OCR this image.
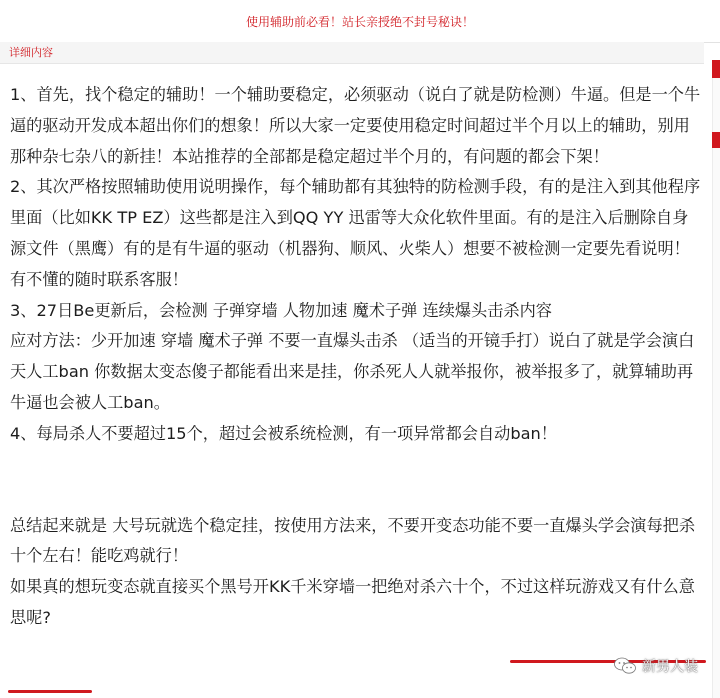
使用辅助前必看！站长亲授绝不封号秘诀！
详细内容

1、首先，找个稳定的辅助！一个辅助要稳定，必须驱动（说白了就是防检测）牛逼。但是一个牛逼的驱动开发成本超出你们的想象！所以大家一定要使用稳定时间超过半个月以上的辅助，别用那种杂七杂八的新挂！本站推荐的全部都是稳定超过半个月的，有问题的都会下架！

2、其次严格按照辅助使用说明操作，每个辅助都有其独特的防检测手段，有的是注入到其他程序里面（比如KK TP EZ）这些都是注入到QQ YY 迅雷等大众化软件里面。有的是注入后删除自身源文件（黑鹰）有的是有牛逼的驱动（机器狗、顺风、火柴人）想要不被检测一定要先看说明！有不懂的随时联系客服！

3、27日Be更新后，会检测 子弹穿墙 人物加速 魔术子弹 连续爆头击杀内容

应对方法：少开加速 穿墙 魔术子弹 不要一直爆头击杀 （适当的开镜手打）说白了就是学会演白天人工ban 你数据太变态傻子都能看出来是挂，你杀死人人就举报你，被举报多了，就算辅助再牛逼也会被人工ban。

4、每局杀人不要超过15个，超过会被系统检测，有一项异常都会自动ban！

总结起来就是 大号玩就选个稳定挂，按使用方法来，不要开变态功能不要一直爆头学会演每把杀十个左右！能吃鸡就行！

如果真的想玩变态就直接买个黑号开KK千米穿墙一把绝对杀六十个，不过这样玩游戏又有什么意思呢?

新男人装
